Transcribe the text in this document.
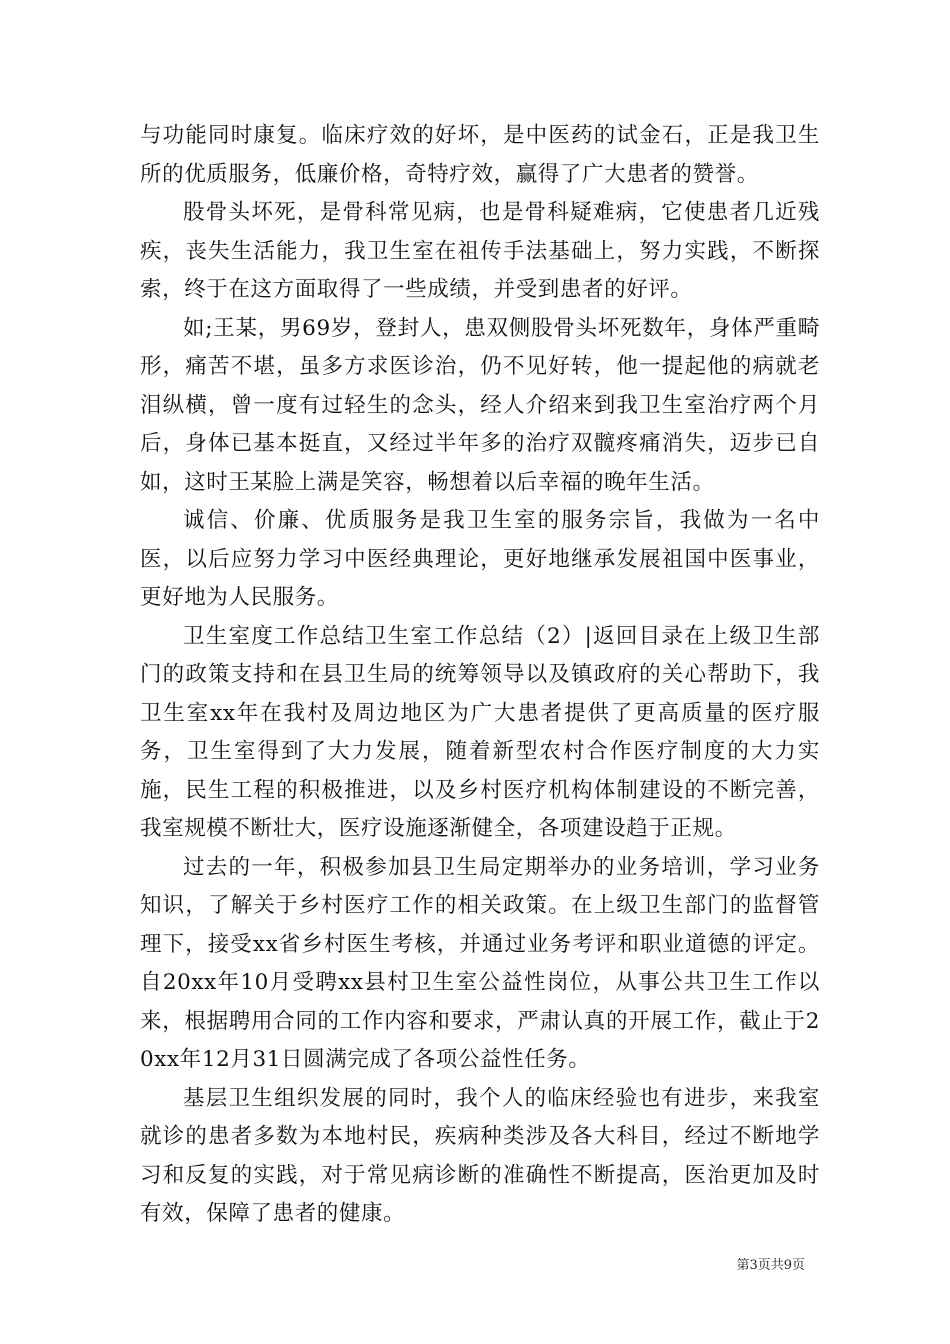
与功能同时康复。临床疗效的好坏，是中医药的试金石，正是我卫生所的优质服务，低廉价格，奇特疗效，赢得了广大患者的赞誉。

股骨头坏死，是骨科常见病，也是骨科疑难病，它使患者几近残疾，丧失生活能力，我卫生室在祖传手法基础上，努力实践，不断探索，终于在这方面取得了一些成绩，并受到患者的好评。

如;王某，男69岁，登封人，患双侧股骨头坏死数年，身体严重畸形，痛苦不堪，虽多方求医诊治，仍不见好转，他一提起他的病就老泪纵横，曾一度有过轻生的念头，经人介绍来到我卫生室治疗两个月后，身体已基本挺直，又经过半年多的治疗双髋疼痛消失，迈步已自如，这时王某脸上满是笑容，畅想着以后幸福的晚年生活。

诚信、价廉、优质服务是我卫生室的服务宗旨，我做为一名中医，以后应努力学习中医经典理论，更好地继承发展祖国中医事业，更好地为人民服务。

卫生室度工作总结卫生室工作总结（2）|返回目录在上级卫生部门的政策支持和在县卫生局的统筹领导以及镇政府的关心帮助下，我卫生室xx年在我村及周边地区为广大患者提供了更高质量的医疗服务，卫生室得到了大力发展，随着新型农村合作医疗制度的大力实施，民生工程的积极推进，以及乡村医疗机构体制建设的不断完善，我室规模不断壮大，医疗设施逐渐健全，各项建设趋于正规。

过去的一年，积极参加县卫生局定期举办的业务培训，学习业务知识，了解关于乡村医疗工作的相关政策。在上级卫生部门的监督管理下，接受xx省乡村医生考核，并通过业务考评和职业道德的评定。自20xx年10月受聘xx县村卫生室公益性岗位，从事公共卫生工作以来，根据聘用合同的工作内容和要求，严肃认真的开展工作，截止于20xx年12月31日圆满完成了各项公益性任务。

基层卫生组织发展的同时，我个人的临床经验也有进步，来我室就诊的患者多数为本地村民，疾病种类涉及各大科目，经过不断地学习和反复的实践，对于常见病诊断的准确性不断提高，医治更加及时有效，保障了患者的健康。

第3页共9页
